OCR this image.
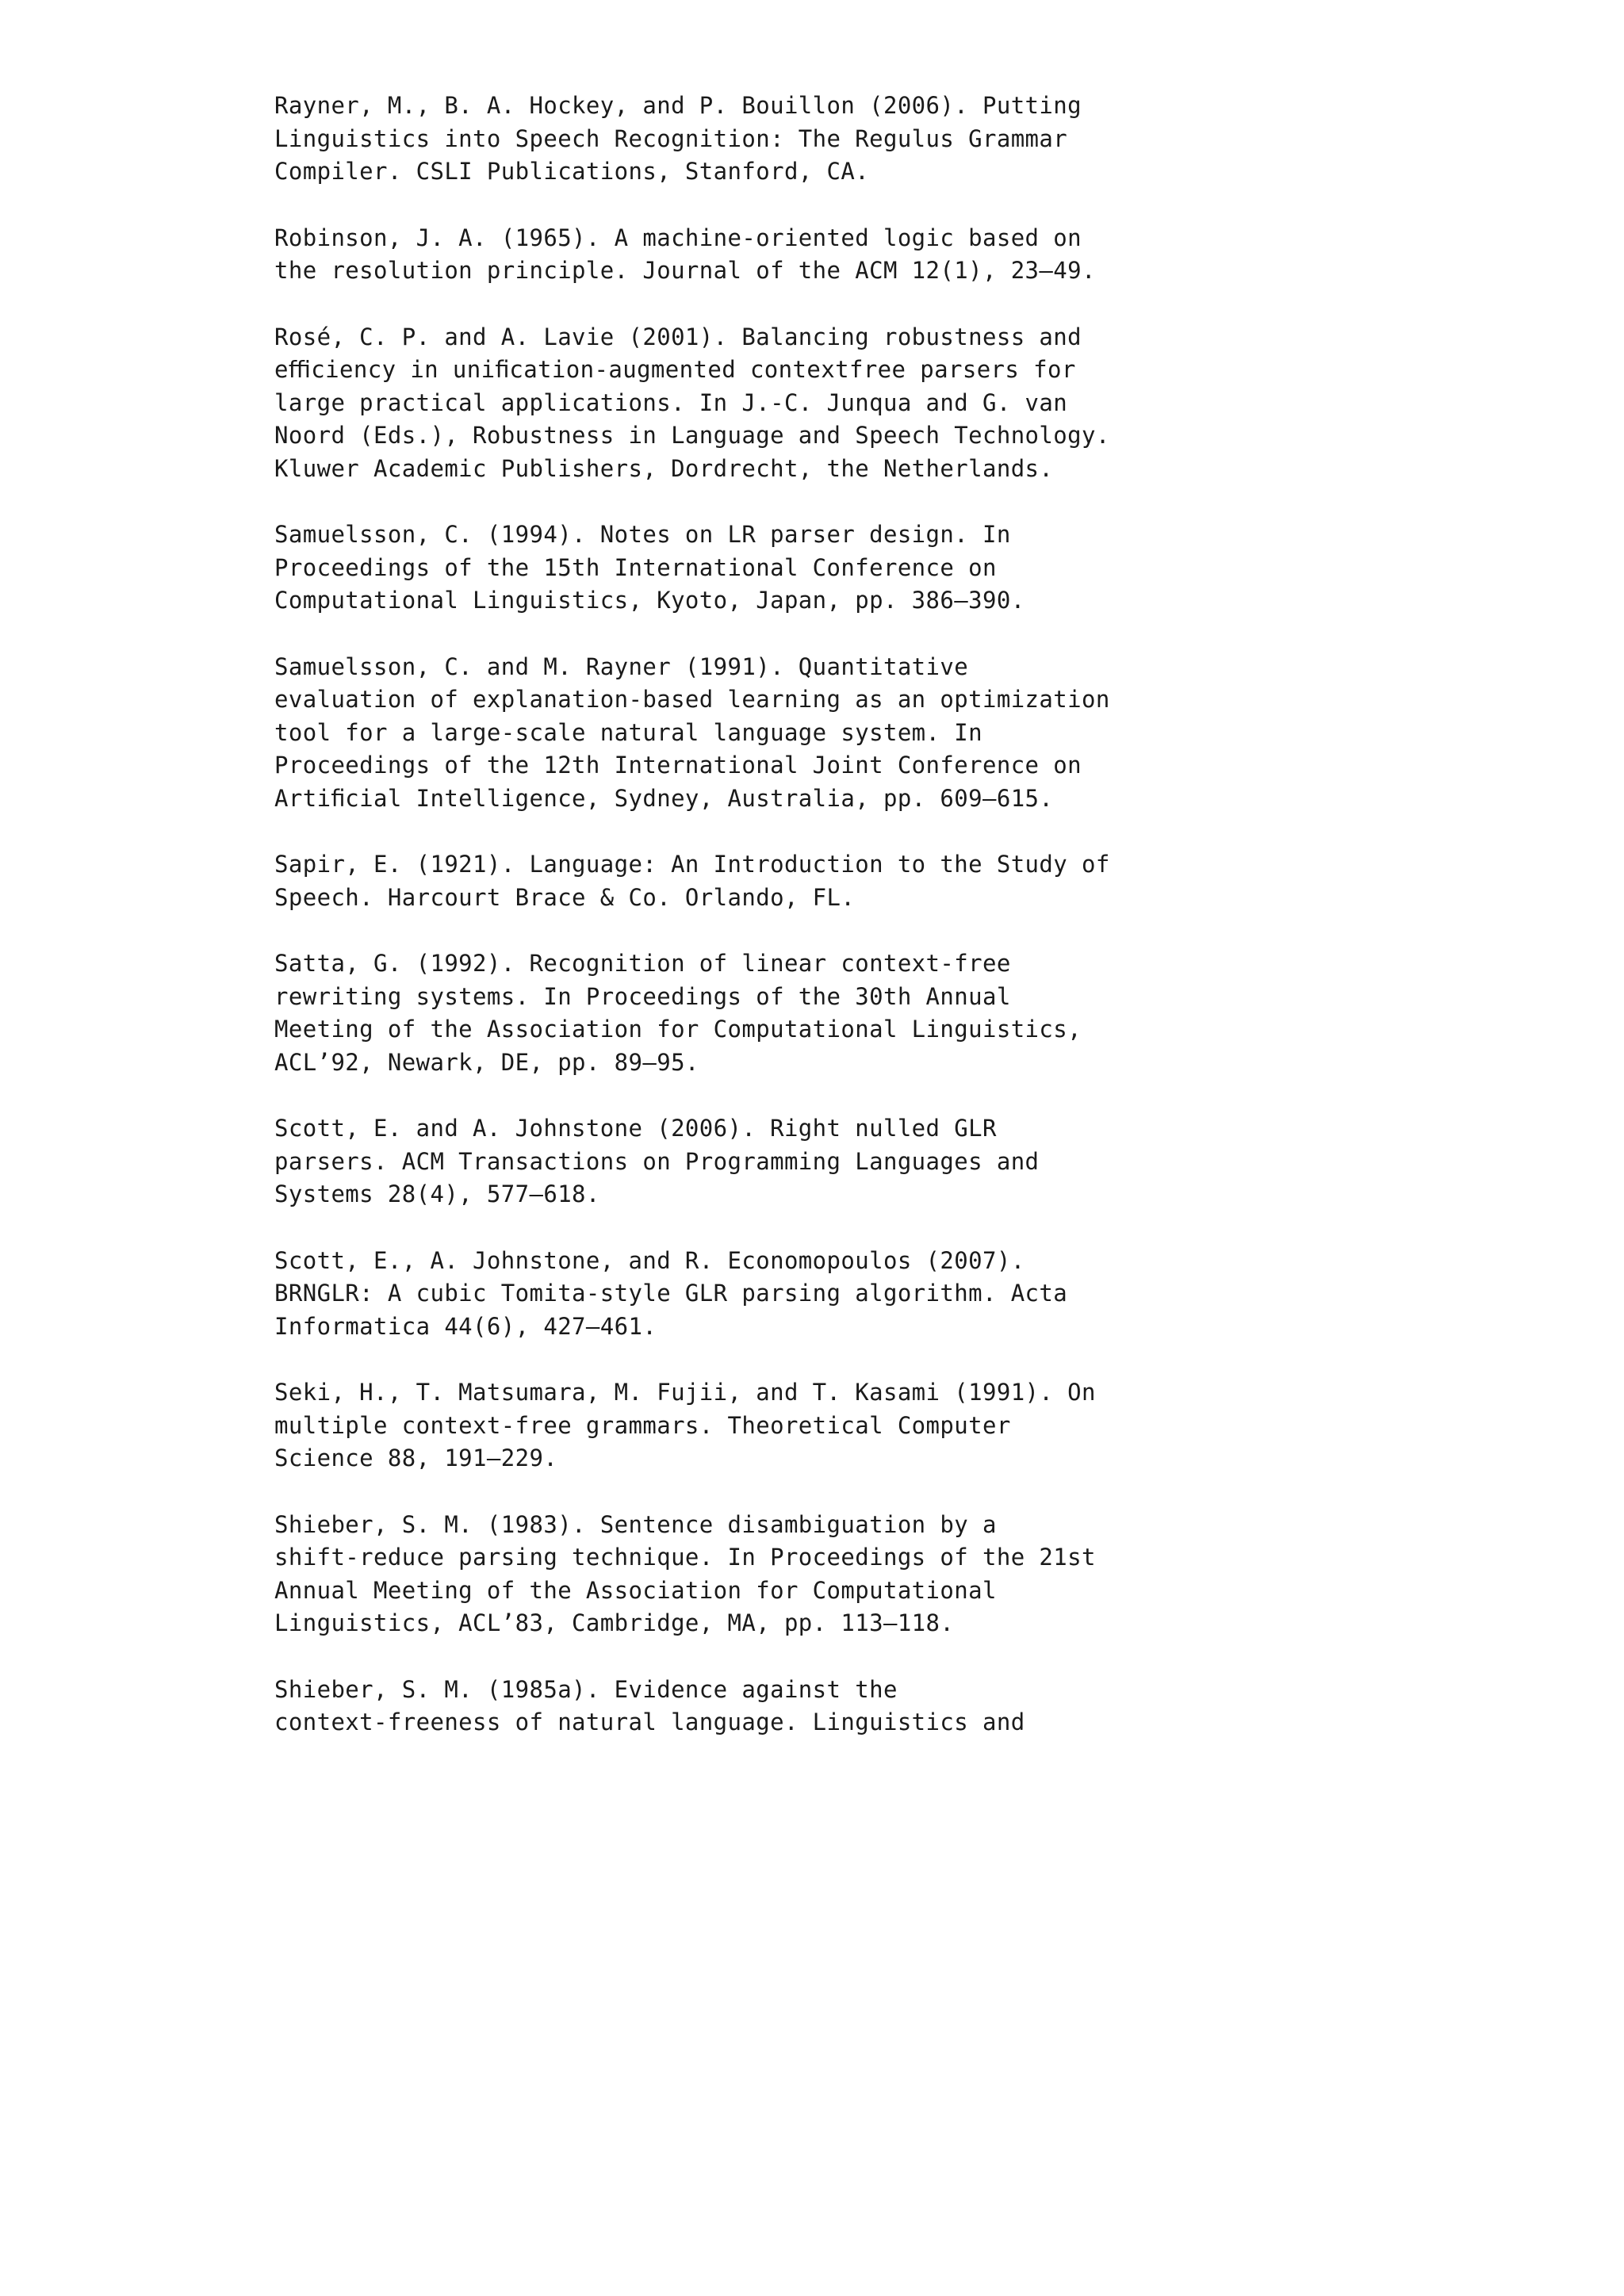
Rayner, M., B. A. Hockey, and P. Bouillon (2006). Putting
Linguistics into Speech Recognition: The Regulus Grammar
Compiler. CSLI Publications, Stanford, CA.
Robinson, J. A. (1965). A machine-oriented logic based on
the resolution principle. Journal of the ACM 12(1), 23–49.
Rosé, C. P. and A. Lavie (2001). Balancing robustness and
eﬃciency in uniﬁcation-augmented contextfree parsers for
large practical applications. In J.-C. Junqua and G. van
Noord (Eds.), Robustness in Language and Speech Technology.
Kluwer Academic Publishers, Dordrecht, the Netherlands.
Samuelsson, C. (1994). Notes on LR parser design. In
Proceedings of the 15th International Conference on
Computational Linguistics, Kyoto, Japan, pp. 386–390.
Samuelsson, C. and M. Rayner (1991). Quantitative
evaluation of explanation-based learning as an optimization
tool for a large-scale natural language system. In
Proceedings of the 12th International Joint Conference on
Artiﬁcial Intelligence, Sydney, Australia, pp. 609–615.
Sapir, E. (1921). Language: An Introduction to the Study of
Speech. Harcourt Brace & Co. Orlando, FL.
Satta, G. (1992). Recognition of linear context-free
rewriting systems. In Proceedings of the 30th Annual
Meeting of the Association for Computational Linguistics,
ACL’92, Newark, DE, pp. 89–95.
Scott, E. and A. Johnstone (2006). Right nulled GLR
parsers. ACM Transactions on Programming Languages and
Systems 28(4), 577–618.
Scott, E., A. Johnstone, and R. Economopoulos (2007).
BRNGLR: A cubic Tomita-style GLR parsing algorithm. Acta
Informatica 44(6), 427–461.
Seki, H., T. Matsumara, M. Fujii, and T. Kasami (1991). On
multiple context-free grammars. Theoretical Computer
Science 88, 191–229.
Shieber, S. M. (1983). Sentence disambiguation by a
shift-reduce parsing technique. In Proceedings of the 21st
Annual Meeting of the Association for Computational
Linguistics, ACL’83, Cambridge, MA, pp. 113–118.
Shieber, S. M. (1985a). Evidence against the
context-freeness of natural language. Linguistics and
